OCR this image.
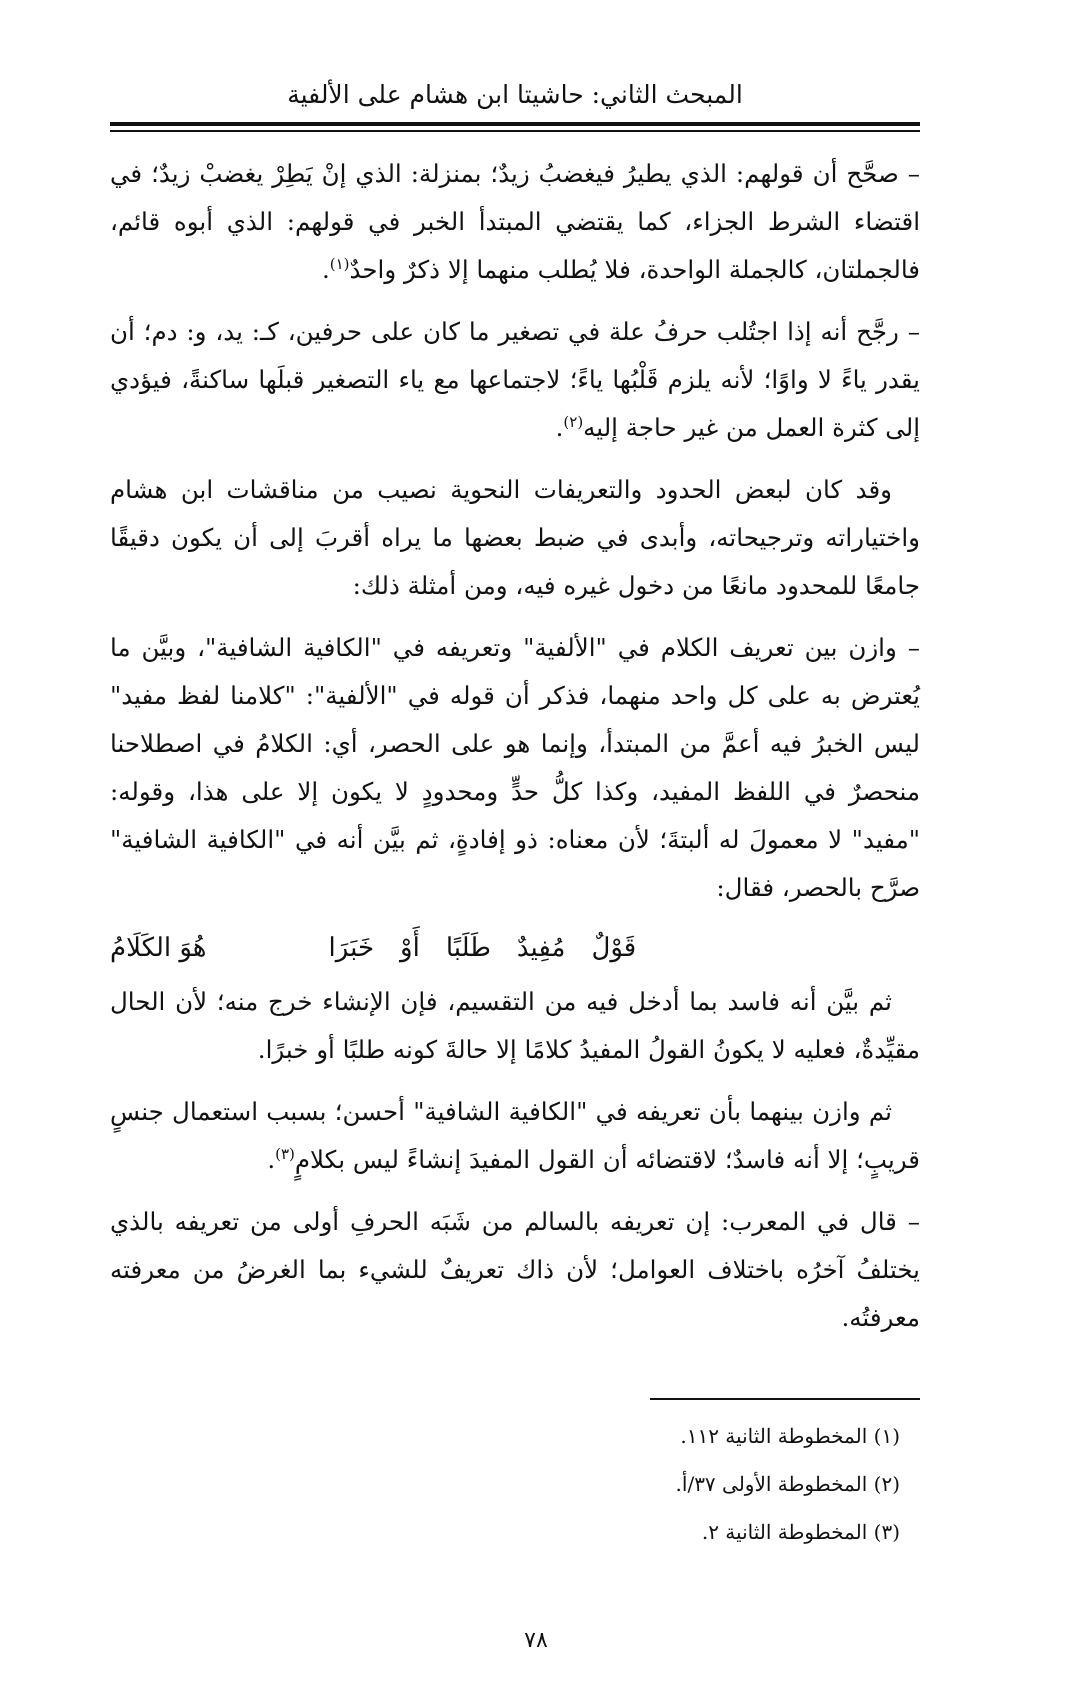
المبحث الثاني: حاشيتا ابن هشام على الألفية

– صحَّح أن قولهم: الذي يطيرُ فيغضبُ زيدٌ؛ بمنزلة: الذي إنْ يَطِرْ يغضبْ زيدٌ؛ في اقتضاء الشرط الجزاء، كما يقتضي المبتدأ الخبر في قولهم: الذي أبوه قائم، فالجملتان، كالجملة الواحدة، فلا يُطلب منهما إلا ذكرٌ واحدٌ$^{(١)}$.

– رجَّح أنه إذا اجتُلب حرفُ علة في تصغير ما كان على حرفين، كـ: يد، و: دم؛ أن يقدر ياءً لا واوًا؛ لأنه يلزم قَلْبُها ياءً؛ لاجتماعها مع ياء التصغير قبلَها ساكنةً، فيؤدي إلى كثرة العمل من غير حاجة إليه$^{(٢)}$.

وقد كان لبعض الحدود والتعريفات النحوية نصيب من مناقشات ابن هشام واختياراته وترجيحاته، وأبدى في ضبط بعضها ما يراه أقربَ إلى أن يكون دقيقًا جامعًا للمحدود مانعًا من دخول غيره فيه، ومن أمثلة ذلك:

– وازن بين تعريف الكلام في "الألفية" وتعريفه في "الكافية الشافية"، وبيَّن ما يُعترض به على كل واحد منهما، فذكر أن قوله في "الألفية": "كلامنا لفظ مفيد" ليس الخبرُ فيه أعمَّ من المبتدأ، وإنما هو على الحصر، أي: الكلامُ في اصطلاحنا منحصرٌ في اللفظ المفيد، وكذا كلُّ حدٍّ ومحدودٍ لا يكون إلا على هذا، وقوله: "مفيد" لا معمولَ له ألبتةَ؛ لأن معناه: ذو إفادةٍ، ثم بيَّن أنه في "الكافية الشافية" صرَّح بالحصر، فقال:

قَوْلٌ
مُفِيدٌ
طَلَبًا
أَوْ
خَبَرَا
هُوَ الكَلَامُ

ثم بيَّن أنه فاسد بما أدخل فيه من التقسيم، فإن الإنشاء خرج منه؛ لأن الحال مقيِّدةٌ، فعليه لا يكونُ القولُ المفيدُ كلامًا إلا حالةَ كونه طلبًا أو خبرًا.

ثم وازن بينهما بأن تعريفه في "الكافية الشافية" أحسن؛ بسبب استعمال جنسٍ قريبٍ؛ إلا أنه فاسدٌ؛ لاقتضائه أن القول المفيدَ إنشاءً ليس بكلامٍ$^{(٣)}$.

– قال في المعرب: إن تعريفه بالسالم من شَبَه الحرفِ أولى من تعريفه بالذي يختلفُ آخرُه باختلاف العوامل؛ لأن ذاك تعريفٌ للشيء بما الغرضُ من معرفته معرفتُه.

(١) المخطوطة الثانية ١١٢.

(٢) المخطوطة الأولى ٣٧/أ.

(٣) المخطوطة الثانية ٢.

٧٨
